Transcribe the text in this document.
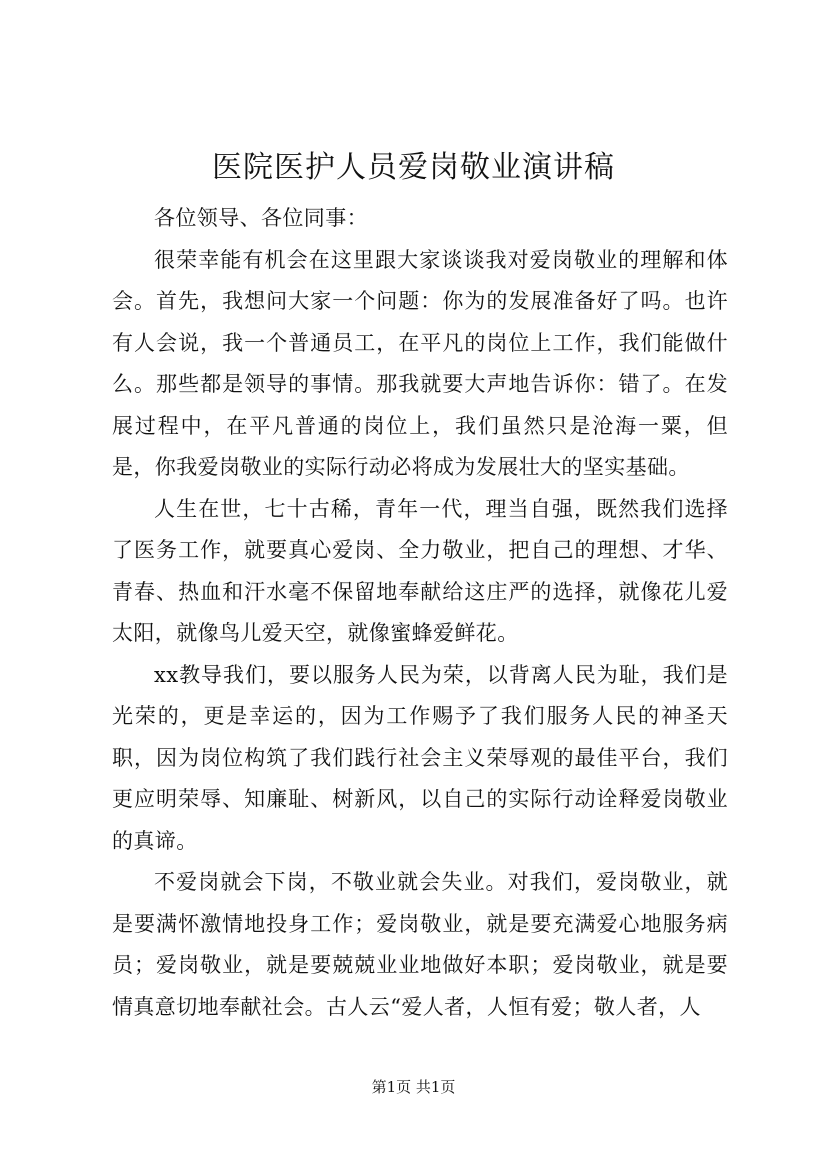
医院医护人员爱岗敬业演讲稿

各位领导、各位同事：

很荣幸能有机会在这里跟大家谈谈我对爱岗敬业的理解和体会。首先，我想问大家一个问题：你为的发展准备好了吗。也许有人会说，我一个普通员工，在平凡的岗位上工作，我们能做什么。那些都是领导的事情。那我就要大声地告诉你：错了。在发展过程中，在平凡普通的岗位上，我们虽然只是沧海一粟，但是，你我爱岗敬业的实际行动必将成为发展壮大的坚实基础。

人生在世，七十古稀，青年一代，理当自强，既然我们选择了医务工作，就要真心爱岗、全力敬业，把自己的理想、才华、青春、热血和汗水毫不保留地奉献给这庄严的选择，就像花儿爱太阳，就像鸟儿爱天空，就像蜜蜂爱鲜花。

xx教导我们，要以服务人民为荣，以背离人民为耻，我们是光荣的，更是幸运的，因为工作赐予了我们服务人民的神圣天职，因为岗位构筑了我们践行社会主义荣辱观的最佳平台，我们更应明荣辱、知廉耻、树新风，以自己的实际行动诠释爱岗敬业的真谛。

不爱岗就会下岗，不敬业就会失业。对我们，爱岗敬业，就是要满怀激情地投身工作；爱岗敬业，就是要充满爱心地服务病员；爱岗敬业，就是要兢兢业业地做好本职；爱岗敬业，就是要情真意切地奉献社会。古人云“爱人者，人恒有爱；敬人者，人

第1页 共1页
